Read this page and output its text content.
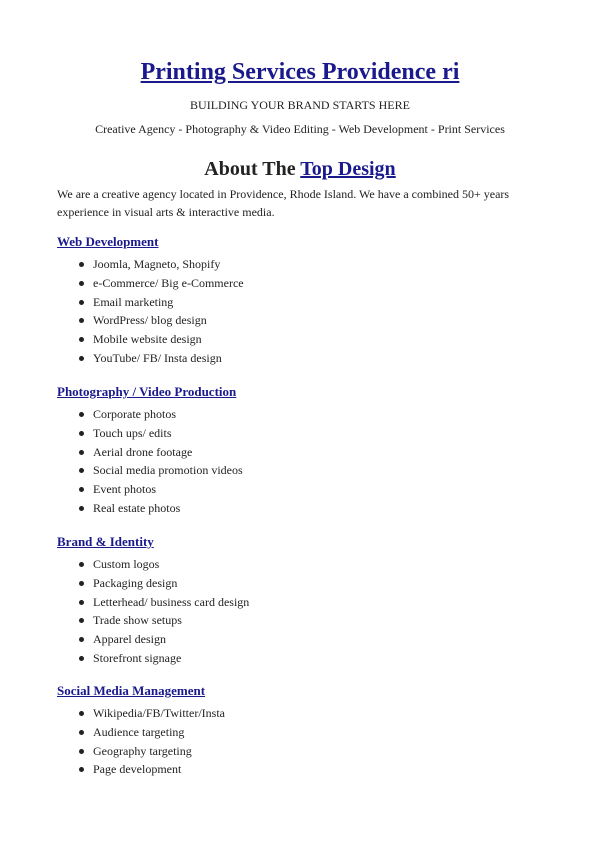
Printing Services Providence ri
BUILDING YOUR BRAND STARTS HERE
Creative Agency - Photography & Video Editing - Web Development - Print Services
About The Top Design
We are a creative agency located in Providence, Rhode Island. We have a combined 50+ years experience in visual arts & interactive media.
Web Development
Joomla, Magneto, Shopify
e-Commerce/ Big e-Commerce
Email marketing
WordPress/ blog design
Mobile website design
YouTube/ FB/ Insta design
Photography / Video Production
Corporate photos
Touch ups/ edits
Aerial drone footage
Social media promotion videos
Event photos
Real estate photos
Brand & Identity
Custom logos
Packaging design
Letterhead/ business card design
Trade show setups
Apparel design
Storefront signage
Social Media Management
Wikipedia/FB/Twitter/Insta
Audience targeting
Geography targeting
Page development
